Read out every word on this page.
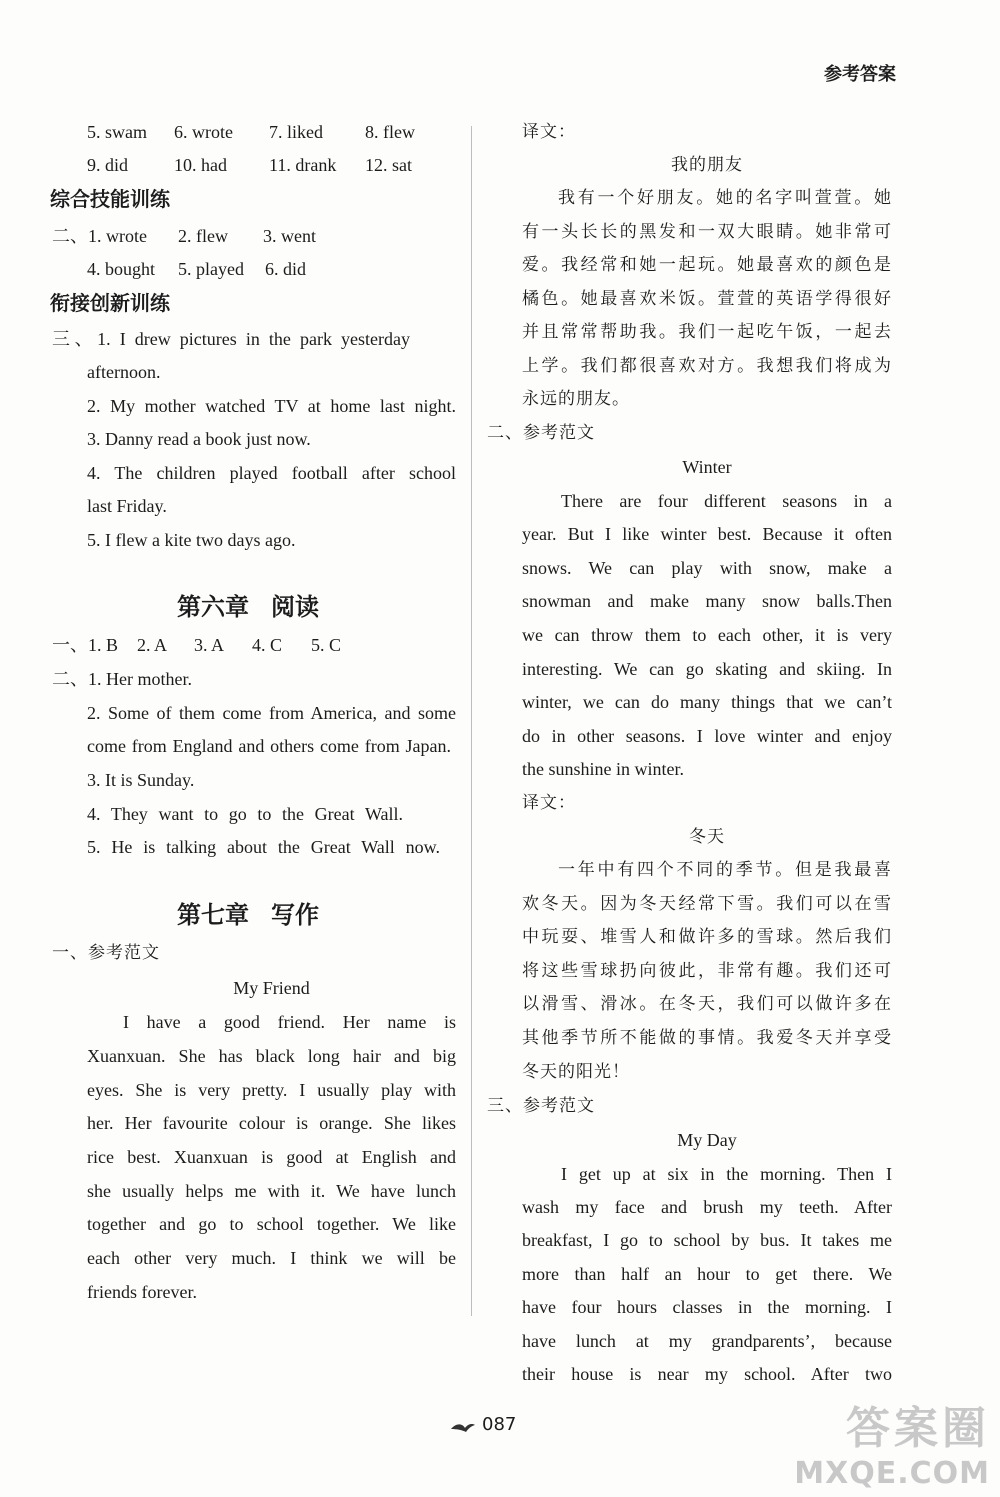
参考答案
5. swam 6. wrote 7. liked 8. flew
9. did	10. had 11. drank 12. sat
综合技能训练
二、1. wrote 2. flew 3. went
4. bought 5. played 6. did
衔接创新训练
三、1. I drew pictures in the park yesterday
afternoon.
2. My mother watched TV at home last night.
3. Danny read a book just now.
4. The children played football after school
last Friday.
5. I flew a kite two days ago.
第六章 阅读
一、1. B 2. A 3. A 4. C 5. C
二、1. Her mother.
2. Some of them come from America, and some
come from England and others come from Japan.
3. It is Sunday.
4. They want to go to the Great Wall.
5. He is talking about the Great Wall now.
第七章 写作
一、参考范文
My Friend
I have a good friend. Her name is
Xuanxuan. She has black long hair and big
eyes. She is very pretty. I usually play with
her. Her favourite colour is orange. She likes
rice best. Xuanxuan is good at English and
she usually helps me with it. We have lunch
together and go to school together. We like
each other very much. I think we will be
friends forever.
译文：
我的朋友
我有一个好朋友。她的名字叫萱萱。她
有一头长长的黑发和一双大眼睛。她非常可
爱。我经常和她一起玩。她最喜欢的颜色是
橘色。她最喜欢米饭。萱萱的英语学得很好
并且常常帮助我。我们一起吃午饭，一起去
上学。我们都很喜欢对方。我想我们将成为
永远的朋友。
二、参考范文
Winter
There are four different seasons in a
year. But I like winter best. Because it often
snows. We can play with snow, make a
snowman and make many snow balls.Then
we can throw them to each other, it is very
interesting. We can go skating and skiing. In
winter, we can do many things that we can’t
do in other seasons. I love winter and enjoy
the sunshine in winter.
译文：
冬天
一年中有四个不同的季节。但是我最喜
欢冬天。因为冬天经常下雪。我们可以在雪
中玩耍、堆雪人和做许多的雪球。然后我们
将这些雪球扔向彼此，非常有趣。我们还可
以滑雪、滑冰。在冬天，我们可以做许多在
其他季节所不能做的事情。我爱冬天并享受
冬天的阳光！
三、参考范文
My Day
I get up at six in the morning. Then I
wash my face and brush my teeth. After
breakfast, I go to school by bus. It takes me
more than half an hour to get there. We
have four hours classes in the morning. I
have lunch at my grandparents’, because
their house is near my school. After two
087	答案圈
MXQE.COM
